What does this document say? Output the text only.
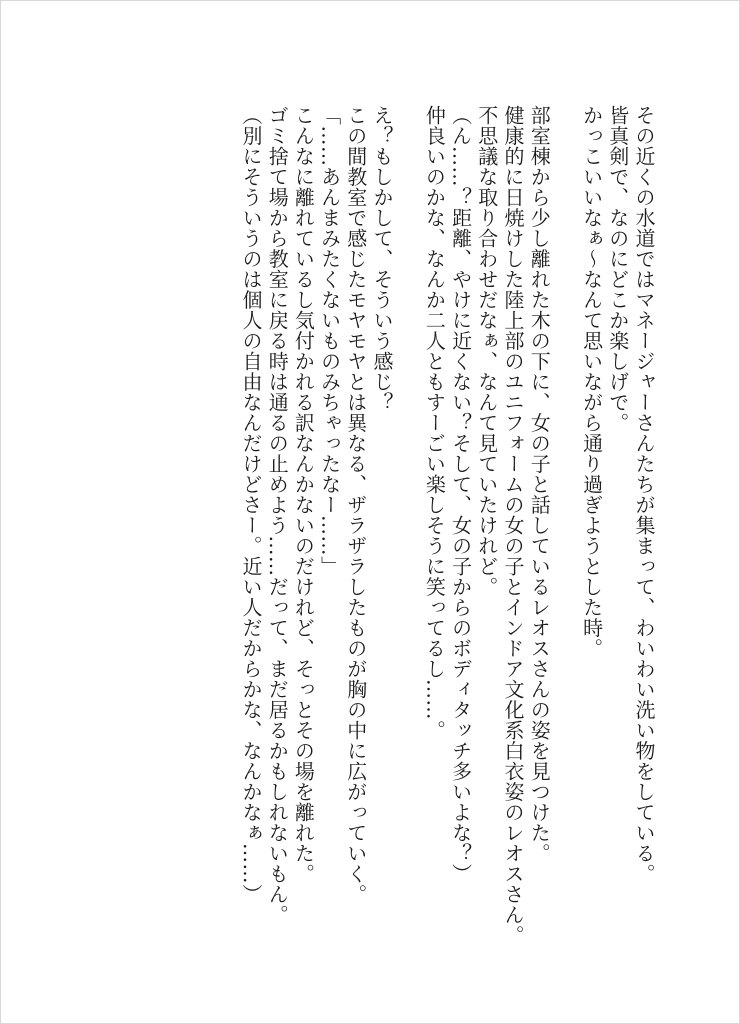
その近くの水道ではマネージャーさんたちが集まって、わいわい洗い物をしている。
皆真剣で、なのにどこか楽しげで。
かっこいいなぁ〜なんて思いながら通り過ぎようとした時。
部室棟から少し離れた木の下に、女の子と話しているレオスさんの姿を見つけた。
健康的に日焼けした陸上部のユニフォームの女の子とインドア文化系白衣姿のレオスさん。
不思議な取り合わせだなぁ、なんて見ていたけれど。
（ん……？距離、やけに近くない？そして、女の子からのボディタッチ多いよな？）
仲良いのかな、なんか二人ともすーごい楽しそうに笑ってるし……。
え？もしかして、そういう感じ？
この間教室で感じたモヤモヤとは異なる、ザラザラしたものが胸の中に広がっていく。
「……あんまみたくないものみちゃったなー……」
こんなに離れているし気付かれる訳なんかないのだけれど、そっとその場を離れた。
ゴミ捨て場から教室に戻る時は通るの止めよう……だって、まだ居るかもしれないもん。
（別にそういうのは個人の自由なんだけどさー。近い人だからかな、なんかなぁ……）
